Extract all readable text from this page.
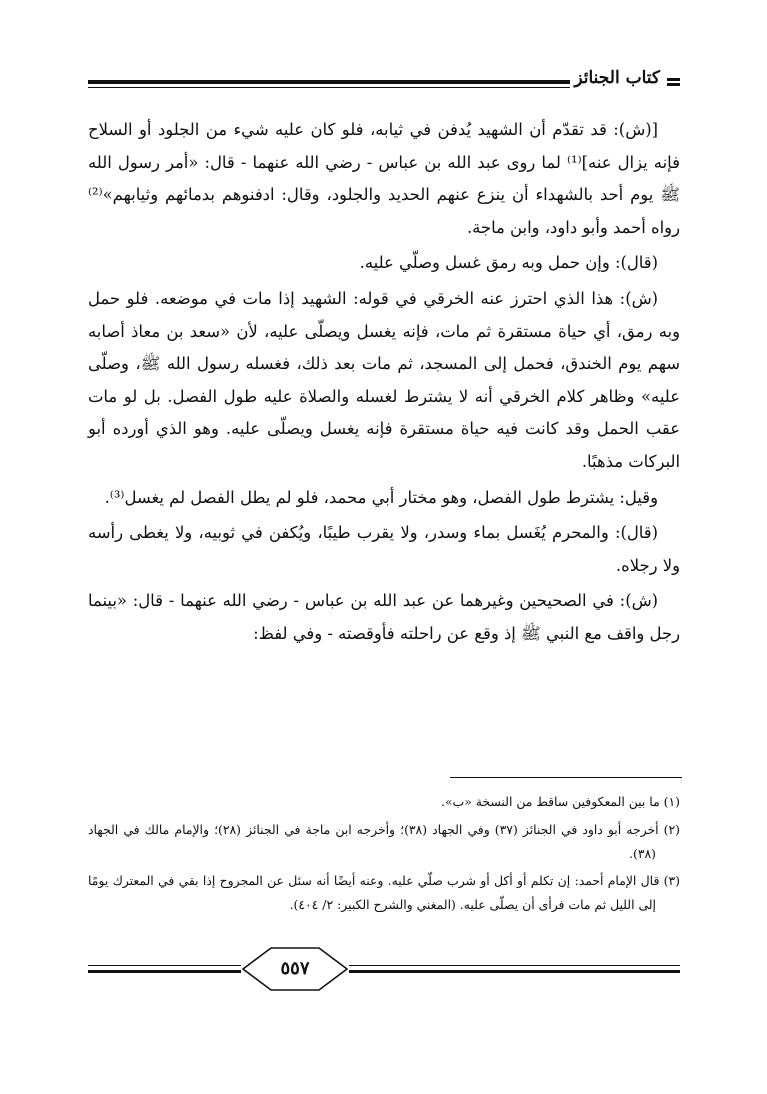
كتاب الجنائز

[(ش): قد تقدّم أن الشهيد يُدفن في ثيابه، فلو كان عليه شيء من الجلود أو السلاح فإنه يزال عنه]⁽¹⁾ لما روى عبد الله بن عباس - رضي الله عنهما - قال: «أمر رسول الله ﷺ يوم أحد بالشهداء أن ينزع عنهم الحديد والجلود، وقال: ادفنوهم بدمائهم وثيابهم»⁽²⁾ رواه أحمد وأبو داود، وابن ماجة.

(قال): وإن حمل وبه رمق غسل وصلّي عليه.

(ش): هذا الذي احترز عنه الخرقي في قوله: الشهيد إذا مات في موضعه. فلو حمل وبه رمق، أي حياة مستقرة ثم مات، فإنه يغسل ويصلّى عليه، لأن «سعد بن معاذ أصابه سهم يوم الخندق، فحمل إلى المسجد، ثم مات بعد ذلك، فغسله رسول الله ﷺ، وصلّى عليه» وظاهر كلام الخرقي أنه لا يشترط لغسله والصلاة عليه طول الفصل. بل لو مات عقب الحمل وقد كانت فيه حياة مستقرة فإنه يغسل ويصلّى عليه. وهو الذي أورده أبو البركات مذهبًا.

وقيل: يشترط طول الفصل، وهو مختار أبي محمد، فلو لم يطل الفصل لم يغسل⁽³⁾.

(قال): والمحرم يُغَسل بماء وسدر، ولا يقرب طيبًا، ويُكفن في ثوبيه، ولا يغطى رأسه ولا رجلاه.

(ش): في الصحيحين وغيرهما عن عبد الله بن عباس - رضي الله عنهما - قال: «بينما رجل واقف مع النبي ﷺ إذ وقع عن راحلته فأوقصته - وفي لفظ:

(١) ما بين المعكوفين ساقط من النسخة «ب».

(٢) أخرجه أبو داود في الجنائز (٣٧) وفي الجهاد (٣٨)؛ وأخرجه ابن ماجة في الجنائز (٢٨)؛ والإمام مالك في الجهاد (٣٨).

(٣) قال الإمام أحمد: إن تكلم أو أكل أو شرب صلّي عليه. وعنه أيضًا أنه سئل عن المجروح إذا بقي في المعترك يومًا إلى الليل ثم مات فرأى أن يصلّى عليه. (المغني والشرح الكبير: ٢/ ٤٠٤).

٥٥٧
